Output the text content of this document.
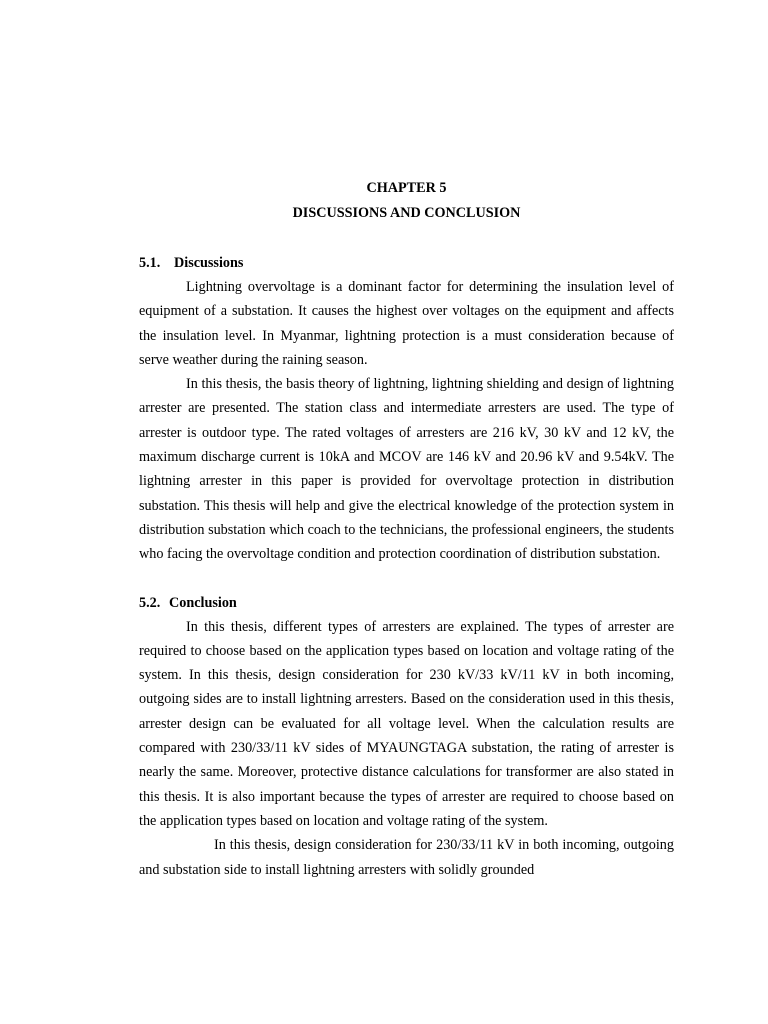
CHAPTER 5

DISCUSSIONS AND CONCLUSION

5.1. Discussions

Lightning overvoltage is a dominant factor for determining the insulation level of equipment of a substation. It causes the highest over voltages on the equipment and affects the insulation level. In Myanmar, lightning protection is a must consideration because of serve weather during the raining season.

In this thesis, the basis theory of lightning, lightning shielding and design of lightning arrester are presented. The station class and intermediate arresters are used. The type of arrester is outdoor type. The rated voltages of arresters are 216 kV, 30 kV and 12 kV, the maximum discharge current is 10kA and MCOV are 146 kV and 20.96 kV and 9.54kV. The lightning arrester in this paper is provided for overvoltage protection in distribution substation. This thesis will help and give the electrical knowledge of the protection system in distribution substation which coach to the technicians, the professional engineers, the students who facing the overvoltage condition and protection coordination of distribution substation.

5.2. Conclusion

In this thesis, different types of arresters are explained. The types of arrester are required to choose based on the application types based on location and voltage rating of the system. In this thesis, design consideration for 230 kV/33 kV/11 kV in both incoming, outgoing sides are to install lightning arresters. Based on the consideration used in this thesis, arrester design can be evaluated for all voltage level. When the calculation results are compared with 230/33/11 kV sides of MYAUNGTAGA substation, the rating of arrester is nearly the same. Moreover, protective distance calculations for transformer are also stated in this thesis. It is also important because the types of arrester are required to choose based on the application types based on location and voltage rating of the system.

In this thesis, design consideration for 230/33/11 kV in both incoming, outgoing and substation side to install lightning arresters with solidly grounded
